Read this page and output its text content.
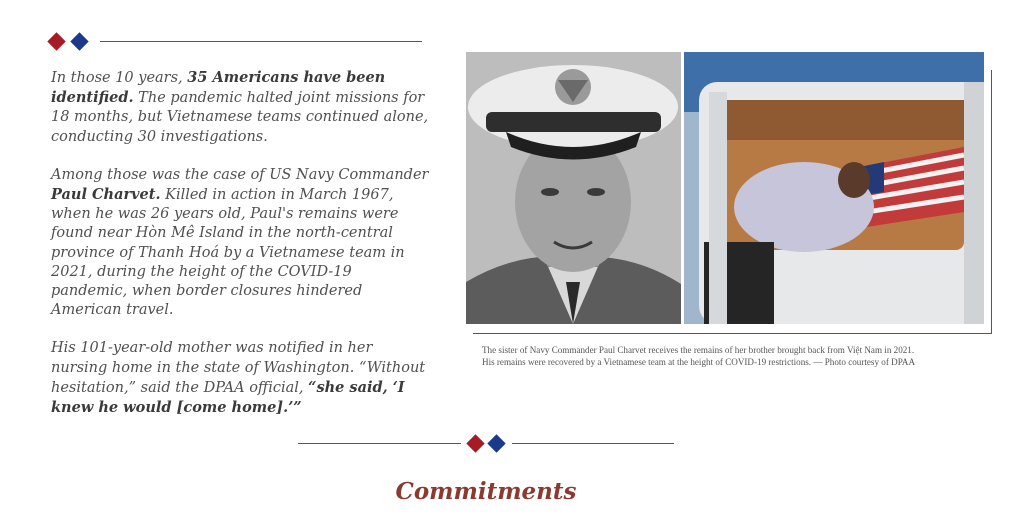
In those 10 years, 35 Americans have been identified. The pandemic halted joint missions for 18 months, but Vietnamese teams continued alone, conducting 30 investigations.

Among those was the case of US Navy Commander Paul Charvet. Killed in action in March 1967, when he was 26 years old, Paul's remains were found near Hòn Mê Island in the north-central province of Thanh Hoá by a Vietnamese team in 2021, during the height of the COVID-19 pandemic, when border closures hindered American travel.

His 101-year-old mother was notified in her nursing home in the state of Washington. “Without hesitation,” said the DPAA official, “she said, ‘I knew he would [come home].’”

The sister of Navy Commander Paul Charvet receives the remains of her brother brought back from Việt Nam in 2021.
His remains were recovered by a Vietnamese team at the height of COVID-19 restrictions. — Photo courtesy of DPAA
Commitments
